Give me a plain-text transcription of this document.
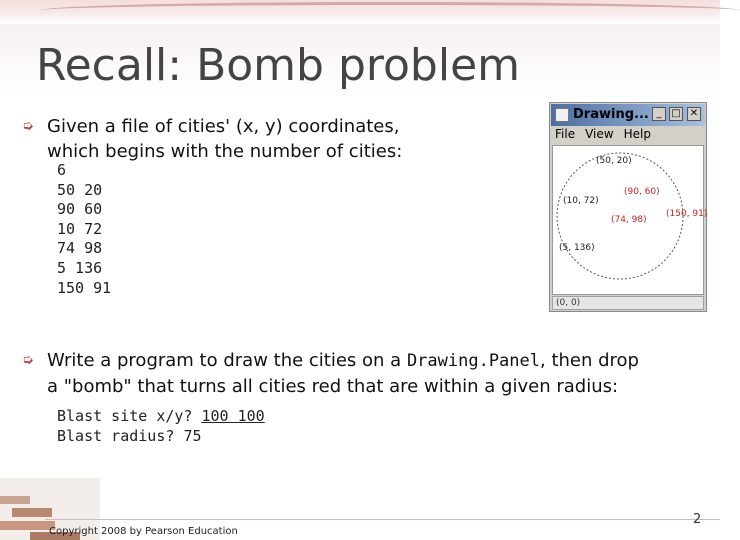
Recall: Bomb problem
➭ Given a file of cities' (x, y) coordinates,
which begins with the number of cities:
6
50 20
90 60
10 72
74 98
5 136
150 91
Drawing... _ □ ✕
File View Help
(50, 20)
(90, 60)
(10, 72)
(74, 98)
(150, 91)
(5, 136)
(0, 0)
➭ Write a program to draw the cities on a Drawing.Panel, then drop
a "bomb" that turns all cities red that are within a given radius:
Blast site x/y? 100 100
Blast radius? 75
Copyright 2008 by Pearson Education
2
